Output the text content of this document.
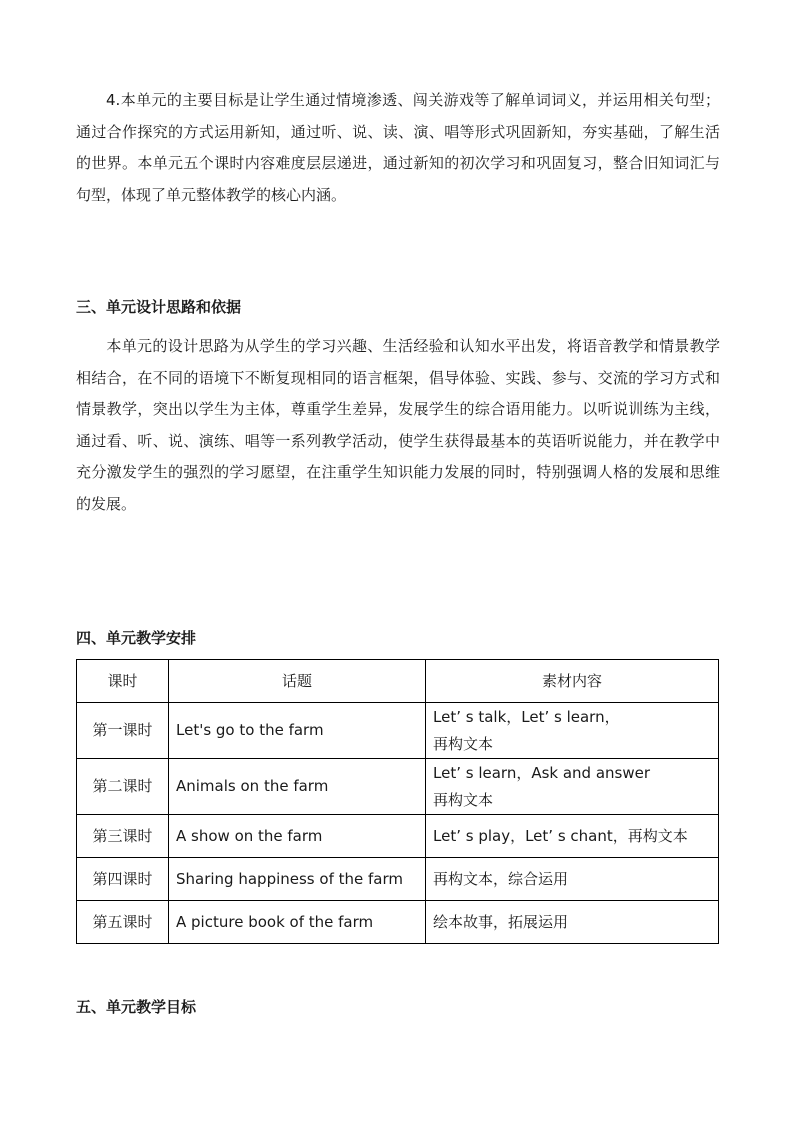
4.本单元的主要目标是让学生通过情境渗透、闯关游戏等了解单词词义，并运用相关句型；通过合作探究的方式运用新知，通过听、说、读、演、唱等形式巩固新知，夯实基础，了解生活的世界。本单元五个课时内容难度层层递进，通过新知的初次学习和巩固复习，整合旧知词汇与句型，体现了单元整体教学的核心内涵。

三、单元设计思路和依据

本单元的设计思路为从学生的学习兴趣、生活经验和认知水平出发，将语音教学和情景教学相结合，在不同的语境下不断复现相同的语言框架，倡导体验、实践、参与、交流的学习方式和情景教学，突出以学生为主体，尊重学生差异，发展学生的综合语用能力。以听说训练为主线，通过看、听、说、演练、唱等一系列教学活动，使学生获得最基本的英语听说能力，并在教学中充分激发学生的强烈的学习愿望，在注重学生知识能力发展的同时，特别强调人格的发展和思维的发展。

四、单元教学安排
课时	话题	素材内容
第一课时	Let's go to the farm	Let’ s talk，Let’ s learn，
再构文本

第二课时	Animals on the farm	Let’ s learn，Ask and answer
再构文本

第三课时	A show on the farm	Let’ s play，Let’ s chant，再构文本
第四课时	Sharing happiness of the farm	再构文本，综合运用
第五课时	A picture book of the farm	绘本故事，拓展运用
五、单元教学目标
